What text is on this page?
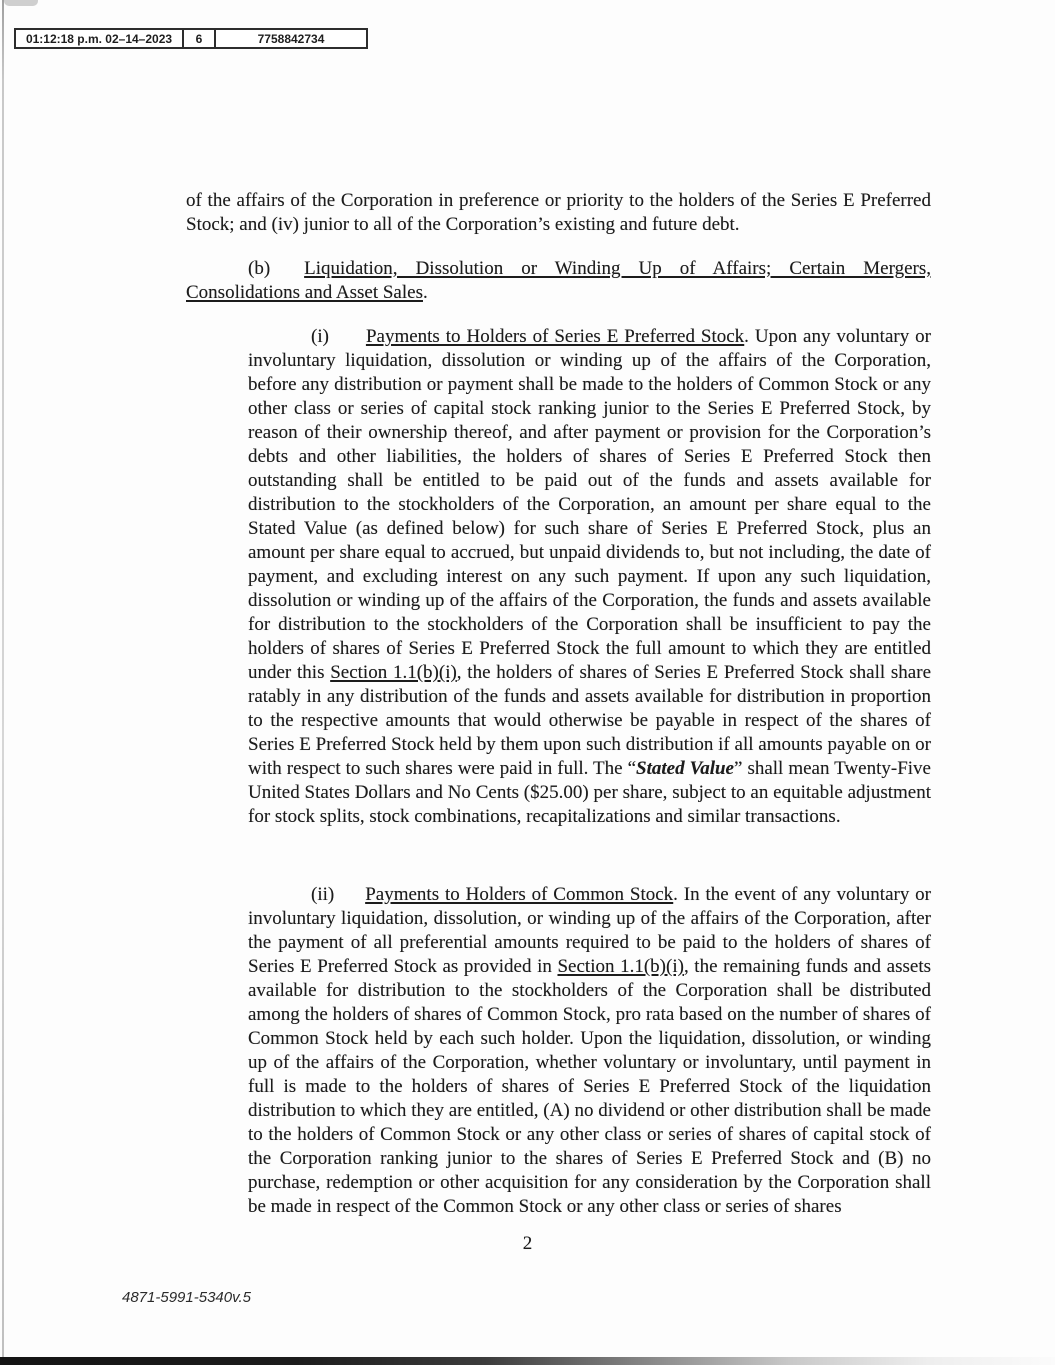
01:12:18 p.m. 02–14–2023	6	7758842734

of the affairs of the Corporation in preference or priority to the holders of the Series E Preferred Stock; and (iv) junior to all of the Corporation’s existing and future debt.

(b) Liquidation, Dissolution or Winding Up of Affairs; Certain Mergers, Consolidations and Asset Sales.

(i) Payments to Holders of Series E Preferred Stock. Upon any voluntary or involuntary liquidation, dissolution or winding up of the affairs of the Corporation, before any distribution or payment shall be made to the holders of Common Stock or any other class or series of capital stock ranking junior to the Series E Preferred Stock, by reason of their ownership thereof, and after payment or provision for the Corporation’s debts and other liabilities, the holders of shares of Series E Preferred Stock then outstanding shall be entitled to be paid out of the funds and assets available for distribution to the stockholders of the Corporation, an amount per share equal to the Stated Value (as defined below) for such share of Series E Preferred Stock, plus an amount per share equal to accrued, but unpaid dividends to, but not including, the date of payment, and excluding interest on any such payment. If upon any such liquidation, dissolution or winding up of the affairs of the Corporation, the funds and assets available for distribution to the stockholders of the Corporation shall be insufficient to pay the holders of shares of Series E Preferred Stock the full amount to which they are entitled under this Section 1.1(b)(i), the holders of shares of Series E Preferred Stock shall share ratably in any distribution of the funds and assets available for distribution in proportion to the respective amounts that would otherwise be payable in respect of the shares of Series E Preferred Stock held by them upon such distribution if all amounts payable on or with respect to such shares were paid in full. The “Stated Value” shall mean Twenty-Five United States Dollars and No Cents ($25.00) per share, subject to an equitable adjustment for stock splits, stock combinations, recapitalizations and similar transactions.

(ii) Payments to Holders of Common Stock. In the event of any voluntary or involuntary liquidation, dissolution, or winding up of the affairs of the Corporation, after the payment of all preferential amounts required to be paid to the holders of shares of Series E Preferred Stock as provided in Section 1.1(b)(i), the remaining funds and assets available for distribution to the stockholders of the Corporation shall be distributed among the holders of shares of Common Stock, pro rata based on the number of shares of Common Stock held by each such holder. Upon the liquidation, dissolution, or winding up of the affairs of the Corporation, whether voluntary or involuntary, until payment in full is made to the holders of shares of Series E Preferred Stock of the liquidation distribution to which they are entitled, (A) no dividend or other distribution shall be made to the holders of Common Stock or any other class or series of shares of capital stock of the Corporation ranking junior to the shares of Series E Preferred Stock and (B) no purchase, redemption or other acquisition for any consideration by the Corporation shall be made in respect of the Common Stock or any other class or series of shares

2
4871-5991-5340v.5
